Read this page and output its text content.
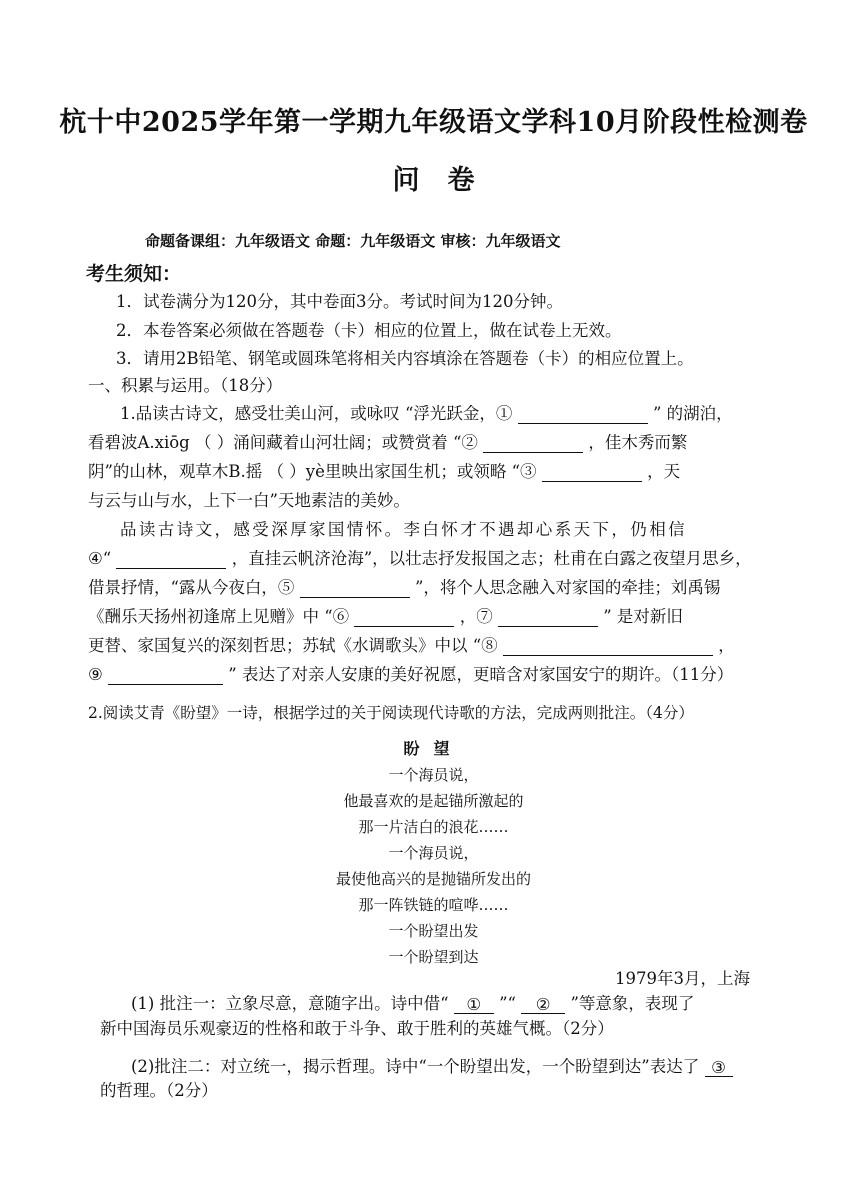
杭十中2025学年第一学期九年级语文学科10月阶段性检测卷
问卷
命题备课组：九年级语文 命题：九年级语文 审核：九年级语文
考生须知：
1．试卷满分为120分，其中卷面3分。考试时间为120分钟。
2．本卷答案必须做在答题卷（卡）相应的位置上，做在试卷上无效。
3．请用2B铅笔、钢笔或圆珠笔将相关内容填涂在答题卷（卡）的相应位置上。
一、积累与运用。（18分）
1.品读古诗文，感受壮美山河，或咏叹 “浮光跃金，①	” 的湖泊，
看碧波A.xiōg （ ）涌间藏着山河壮阔；或赞赏着 “②	，佳木秀而繁
阴”的山林，观草木B.摇 （ ）yè里映出家国生机；或领略 “③	，天
与云与山与水，上下一白”天地素洁的美妙。
品读古诗文，感受深厚家国情怀。李白怀才不遇却心系天下，仍相信
④“	，直挂云帆济沧海”，以壮志抒发报国之志；杜甫在白露之夜望月思乡，
借景抒情，“露从今夜白，⑤	”，将个人思念融入对家国的牵挂；刘禹锡
《酬乐天扬州初逢席上见赠》中 “⑥	，⑦	” 是对新旧
更替、家国复兴的深刻哲思；苏轼《水调歌头》中以 “⑧	，
⑨	” 表达了对亲人安康的美好祝愿，更暗含对家国安宁的期许。（11分）
2.阅读艾青《盼望》一诗，根据学过的关于阅读现代诗歌的方法，完成两则批注。（4分）
盼望
一个海员说，
他最喜欢的是起锚所激起的
那一片洁白的浪花……
一个海员说，
最使他高兴的是抛锚所发出的
那一阵铁链的喧哗……
一个盼望出发
一个盼望到达
1979年3月，上海
(1) 批注一：立象尽意，意随字出。诗中借“ ① ”“ ② ”等意象，表现了
新中国海员乐观豪迈的性格和敢于斗争、敢于胜利的英雄气概。（2分）
(2)批注二：对立统一，揭示哲理。诗中“一个盼望出发，一个盼望到达”表达了 ③
的哲理。（2分）
